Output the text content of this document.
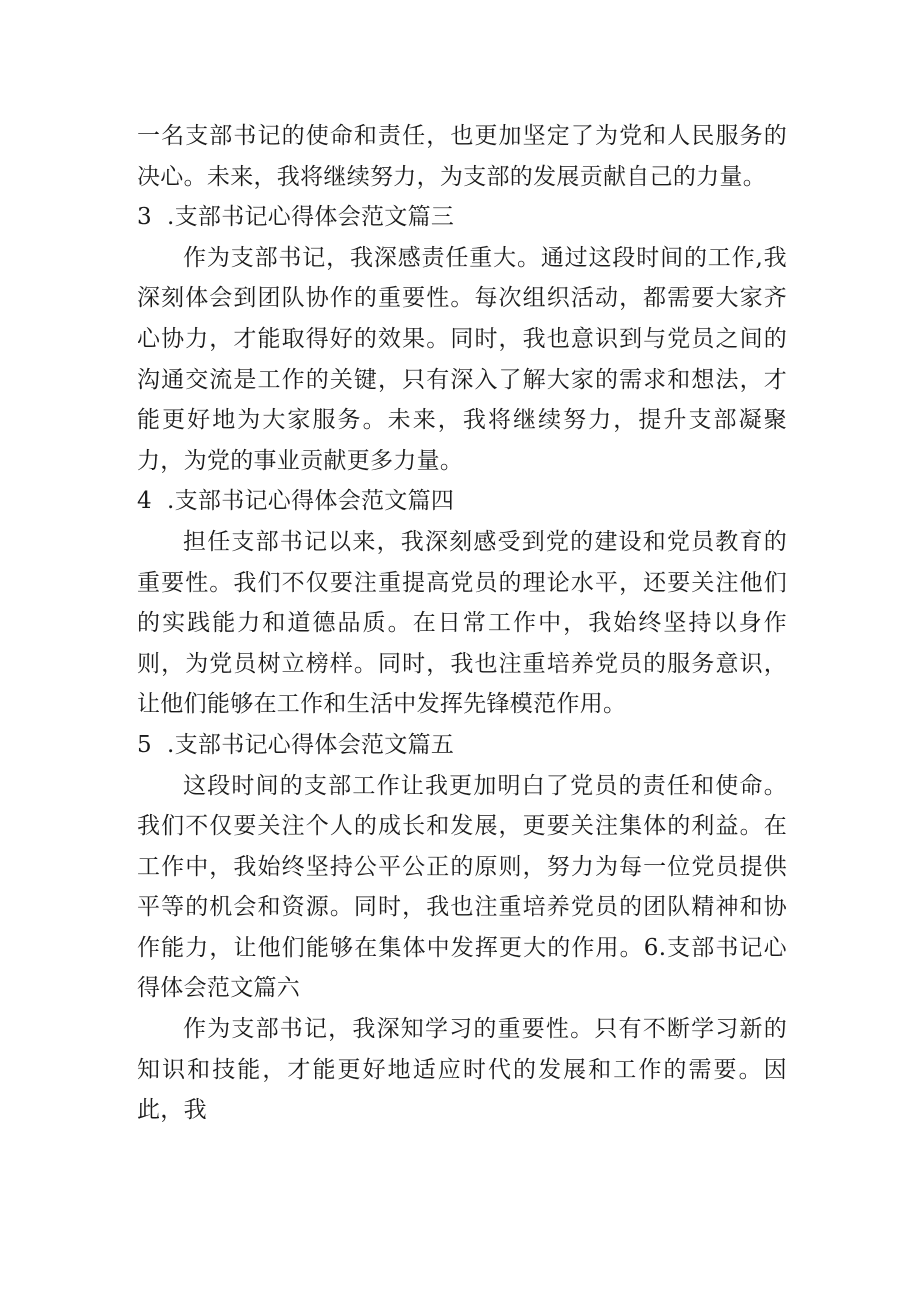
一名支部书记的使命和责任，也更加坚定了为党和人民服务的决心。未来，我将继续努力，为支部的发展贡献自己的力量。

3 .支部书记心得体会范文篇三

作为支部书记，我深感责任重大。通过这段时间的工作,我深刻体会到团队协作的重要性。每次组织活动，都需要大家齐心协力，才能取得好的效果。同时，我也意识到与党员之间的沟通交流是工作的关键，只有深入了解大家的需求和想法，才能更好地为大家服务。未来，我将继续努力，提升支部凝聚力，为党的事业贡献更多力量。

4 .支部书记心得体会范文篇四

担任支部书记以来，我深刻感受到党的建设和党员教育的重要性。我们不仅要注重提高党员的理论水平，还要关注他们的实践能力和道德品质。在日常工作中，我始终坚持以身作则，为党员树立榜样。同时，我也注重培养党员的服务意识，让他们能够在工作和生活中发挥先锋模范作用。

5 .支部书记心得体会范文篇五

这段时间的支部工作让我更加明白了党员的责任和使命。我们不仅要关注个人的成长和发展，更要关注集体的利益。在工作中，我始终坚持公平公正的原则，努力为每一位党员提供平等的机会和资源。同时，我也注重培养党员的团队精神和协作能力，让他们能够在集体中发挥更大的作用。6.支部书记心得体会范文篇六

作为支部书记，我深知学习的重要性。只有不断学习新的知识和技能，才能更好地适应时代的发展和工作的需要。因此，我
